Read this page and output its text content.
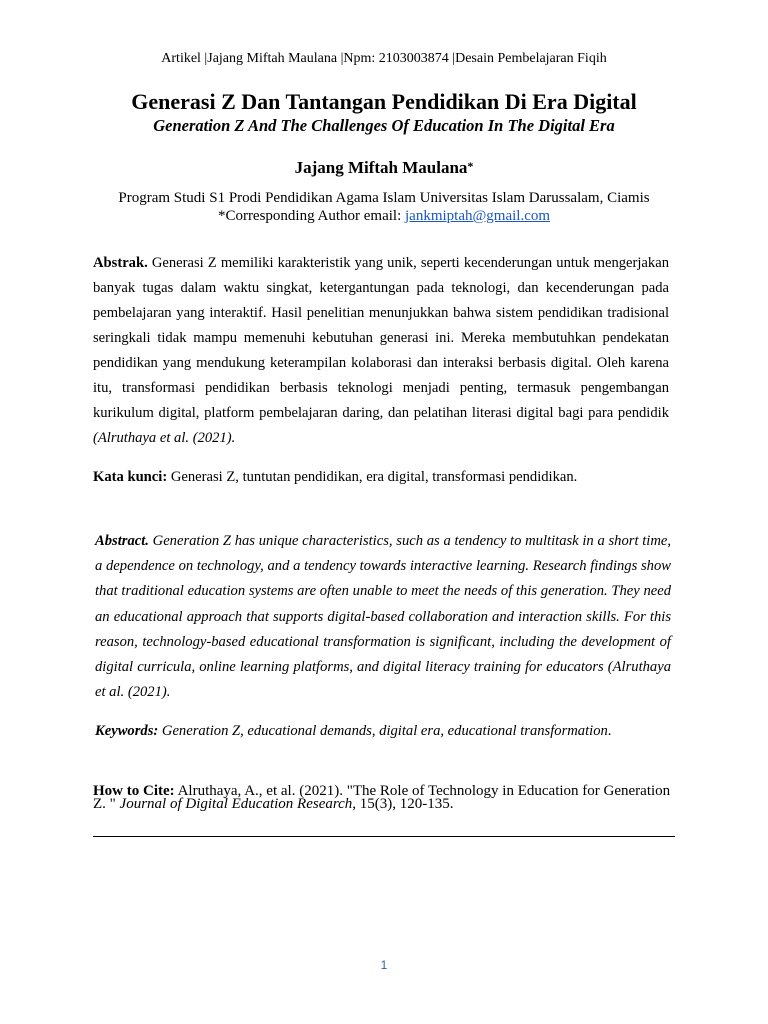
Artikel |Jajang Miftah Maulana |Npm: 2103003874 |Desain Pembelajaran Fiqih
Generasi Z Dan Tantangan Pendidikan Di Era Digital
Generation Z And The Challenges Of Education In The Digital Era
Jajang Miftah Maulana*
Program Studi S1 Prodi Pendidikan Agama Islam Universitas Islam Darussalam, Ciamis
*Corresponding Author email: jankmiptah@gmail.com
Abstrak. Generasi Z memiliki karakteristik yang unik, seperti kecenderungan untuk mengerjakan banyak tugas dalam waktu singkat, ketergantungan pada teknologi, dan kecenderungan pada pembelajaran yang interaktif. Hasil penelitian menunjukkan bahwa sistem pendidikan tradisional seringkali tidak mampu memenuhi kebutuhan generasi ini. Mereka membutuhkan pendekatan pendidikan yang mendukung keterampilan kolaborasi dan interaksi berbasis digital. Oleh karena itu, transformasi pendidikan berbasis teknologi menjadi penting, termasuk pengembangan kurikulum digital, platform pembelajaran daring, dan pelatihan literasi digital bagi para pendidik (Alruthaya et al. (2021).
Kata kunci: Generasi Z, tuntutan pendidikan, era digital, transformasi pendidikan.
Abstract. Generation Z has unique characteristics, such as a tendency to multitask in a short time, a dependence on technology, and a tendency towards interactive learning. Research findings show that traditional education systems are often unable to meet the needs of this generation. They need an educational approach that supports digital-based collaboration and interaction skills. For this reason, technology-based educational transformation is significant, including the development of digital curricula, online learning platforms, and digital literacy training for educators (Alruthaya et al. (2021).
Keywords: Generation Z, educational demands, digital era, educational transformation.
How to Cite: Alruthaya, A., et al. (2021). "The Role of Technology in Education for Generation Z. " Journal of Digital Education Research, 15(3), 120-135.
1
